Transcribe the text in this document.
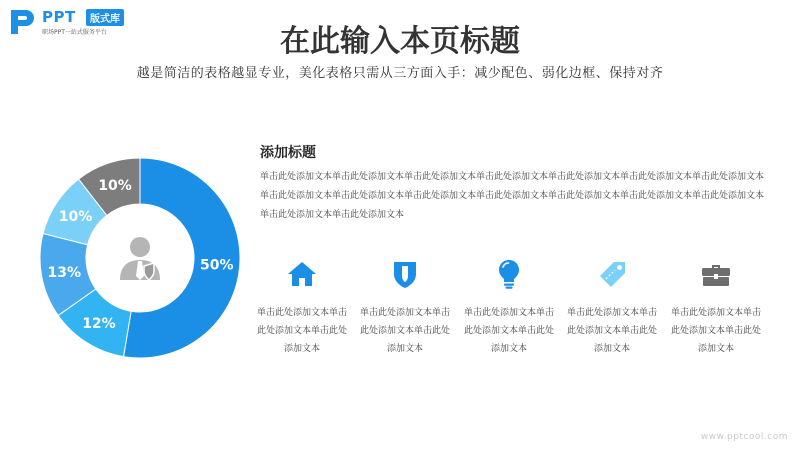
PPT	版式库
职场PPT一站式服务平台	在此输入本页标题
越是简洁的表格越显专业，美化表格只需从三方面入手：减少配色、弱化边框、保持对齐
50%
12%
13%
10%
10%
添加标题
单击此处添加文本单击此处添加文本单击此处添加文本单击此处添加文本单击此处添加文本单击此处添加文本单击此处添加文本单击此处添加文本单击此处添加文本单击此处添加文本单击此处添加文本单击此处添加文本单击此处添加文本单击此处添加文本单击此处添加文本单击此处添加文本
单击此处添加文本单击此处添加文本单击此处添加文本
单击此处添加文本单击此处添加文本单击此处添加文本
单击此处添加文本单击此处添加文本单击此处添加文本
单击此处添加文本单击此处添加文本单击此处添加文本
单击此处添加文本单击此处添加文本单击此处添加文本
www.pptcool.com
